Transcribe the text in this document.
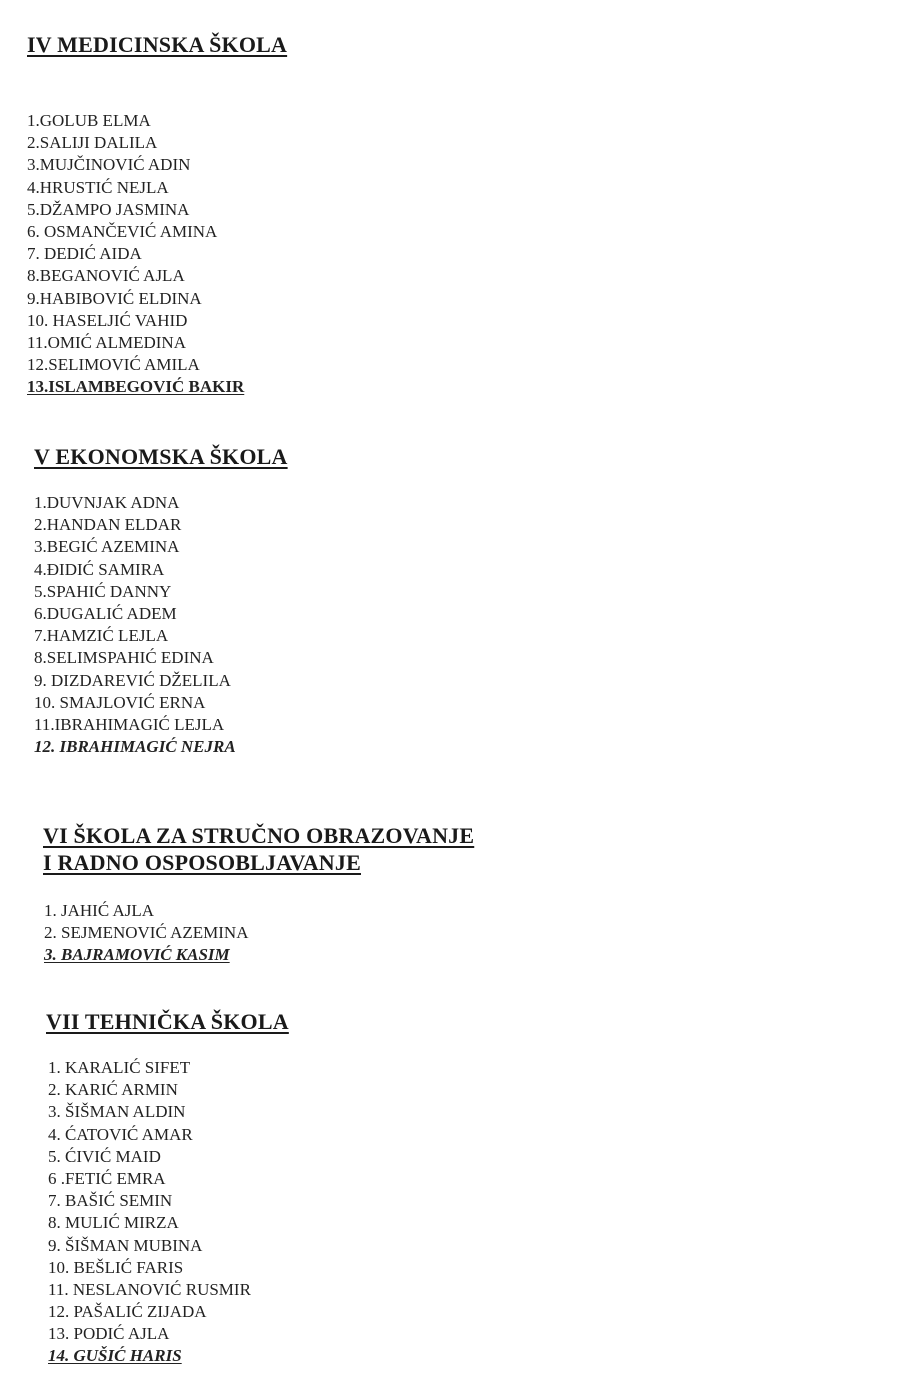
IV MEDICINSKA ŠKOLA
1.GOLUB ELMA
2.SALIJI DALILA
3.MUJČINOVIĆ ADIN
4.HRUSTIĆ NEJLA
5.DŽAMPO JASMINA
6. OSMANČEVIĆ AMINA
7. DEDIĆ AIDA
8.BEGANOVIĆ AJLA
9.HABIBOVIĆ ELDINA
10. HASELJIĆ VAHID
11.OMIĆ ALMEDINA
12.SELIMOVIĆ AMILA
13.ISLAMBEGOVIĆ BAKIR
V EKONOMSKA ŠKOLA
1.DUVNJAK ADNA
2.HANDAN ELDAR
3.BEGIĆ AZEMINA
4.ĐIDIĆ SAMIRA
5.SPAHIĆ DANNY
6.DUGALIĆ ADEM
7.HAMZIĆ LEJLA
8.SELIMSPAHIĆ EDINA
9. DIZDAREVIĆ DŽELILA
10. SMAJLOVIĆ ERNA
11.IBRAHIMAGIĆ LEJLA
12. IBRAHIMAGIĆ NEJRA
VI ŠKOLA ZA STRUČNO OBRAZOVANJE
I RADNO OSPOSOBLJAVANJE
1. JAHIĆ AJLA
2. SEJMENOVIĆ AZEMINA
3. BAJRAMOVIĆ KASIM
VII TEHNIČKA ŠKOLA
1. KARALIĆ SIFET
2. KARIĆ ARMIN
3. ŠIŠMAN ALDIN
4. ĆATOVIĆ AMAR
5. ĆIVIĆ MAID
6 .FETIĆ EMRA
7. BAŠIĆ SEMIN
8. MULIĆ MIRZA
9. ŠIŠMAN MUBINA
10. BEŠLIĆ FARIS
11. NESLANOVIĆ RUSMIR
12. PAŠALIĆ ZIJADA
13. PODIĆ AJLA
14. GUŠIĆ HARIS
